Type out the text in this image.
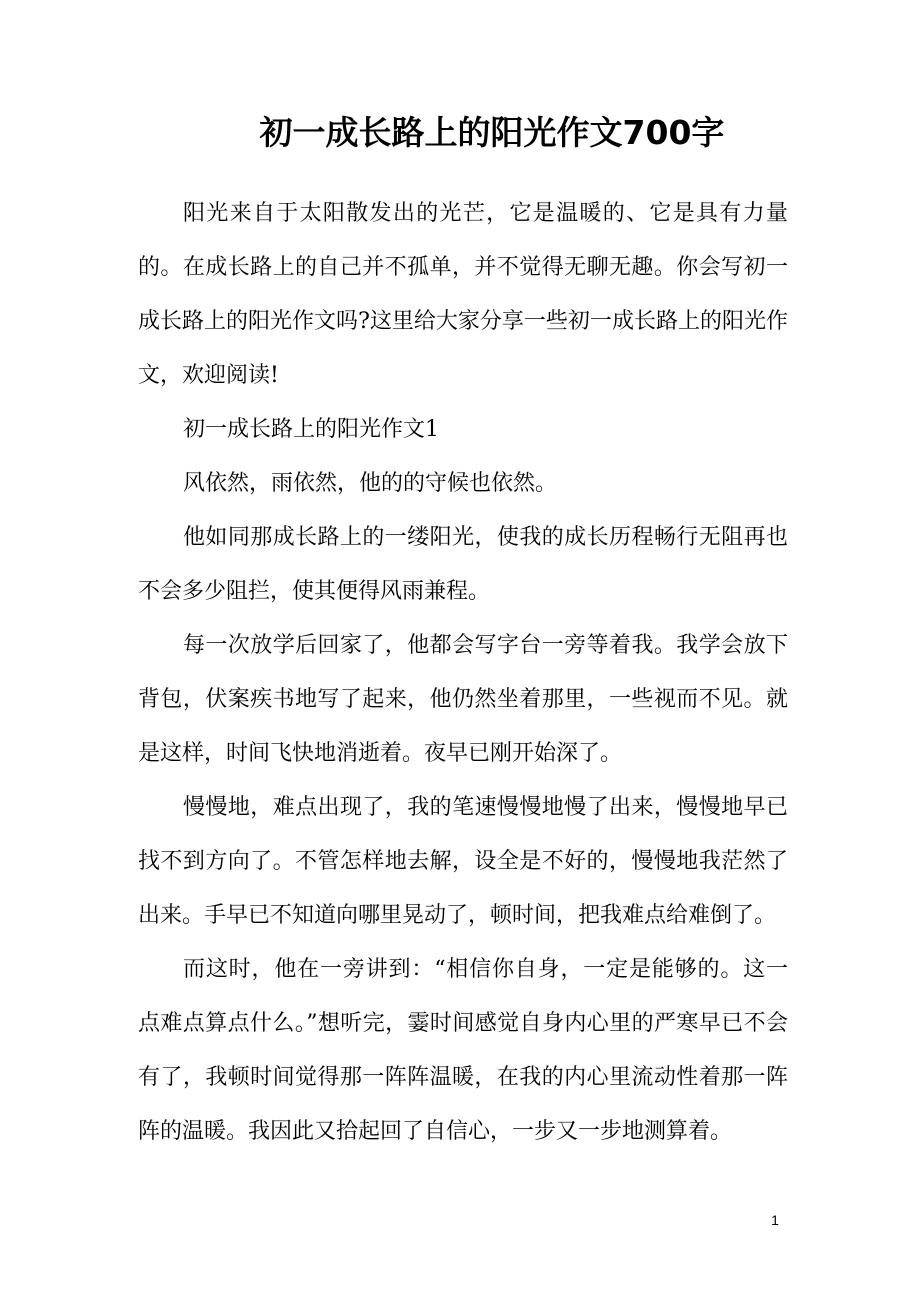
初一成长路上的阳光作文700字

阳光来自于太阳散发出的光芒，它是温暖的、它是具有力量的。在成长路上的自己并不孤单，并不觉得无聊无趣。你会写初一成长路上的阳光作文吗?这里给大家分享一些初一成长路上的阳光作文，欢迎阅读!

初一成长路上的阳光作文1

风依然，雨依然，他的的守候也依然。

他如同那成长路上的一缕阳光，使我的成长历程畅行无阻再也不会多少阻拦，使其便得风雨兼程。

每一次放学后回家了，他都会写字台一旁等着我。我学会放下背包，伏案疾书地写了起来，他仍然坐着那里，一些视而不见。就是这样，时间飞快地消逝着。夜早已刚开始深了。

慢慢地，难点出现了，我的笔速慢慢地慢了出来，慢慢地早已找不到方向了。不管怎样地去解，设全是不好的，慢慢地我茫然了出来。手早已不知道向哪里晃动了，顿时间，把我难点给难倒了。

而这时，他在一旁讲到：“相信你自身，一定是能够的。这一点难点算点什么。”想听完，霎时间感觉自身内心里的严寒早已不会有了，我顿时间觉得那一阵阵温暖，在我的内心里流动性着那一阵阵的温暖。我因此又拾起回了自信心，一步又一步地测算着。

1
